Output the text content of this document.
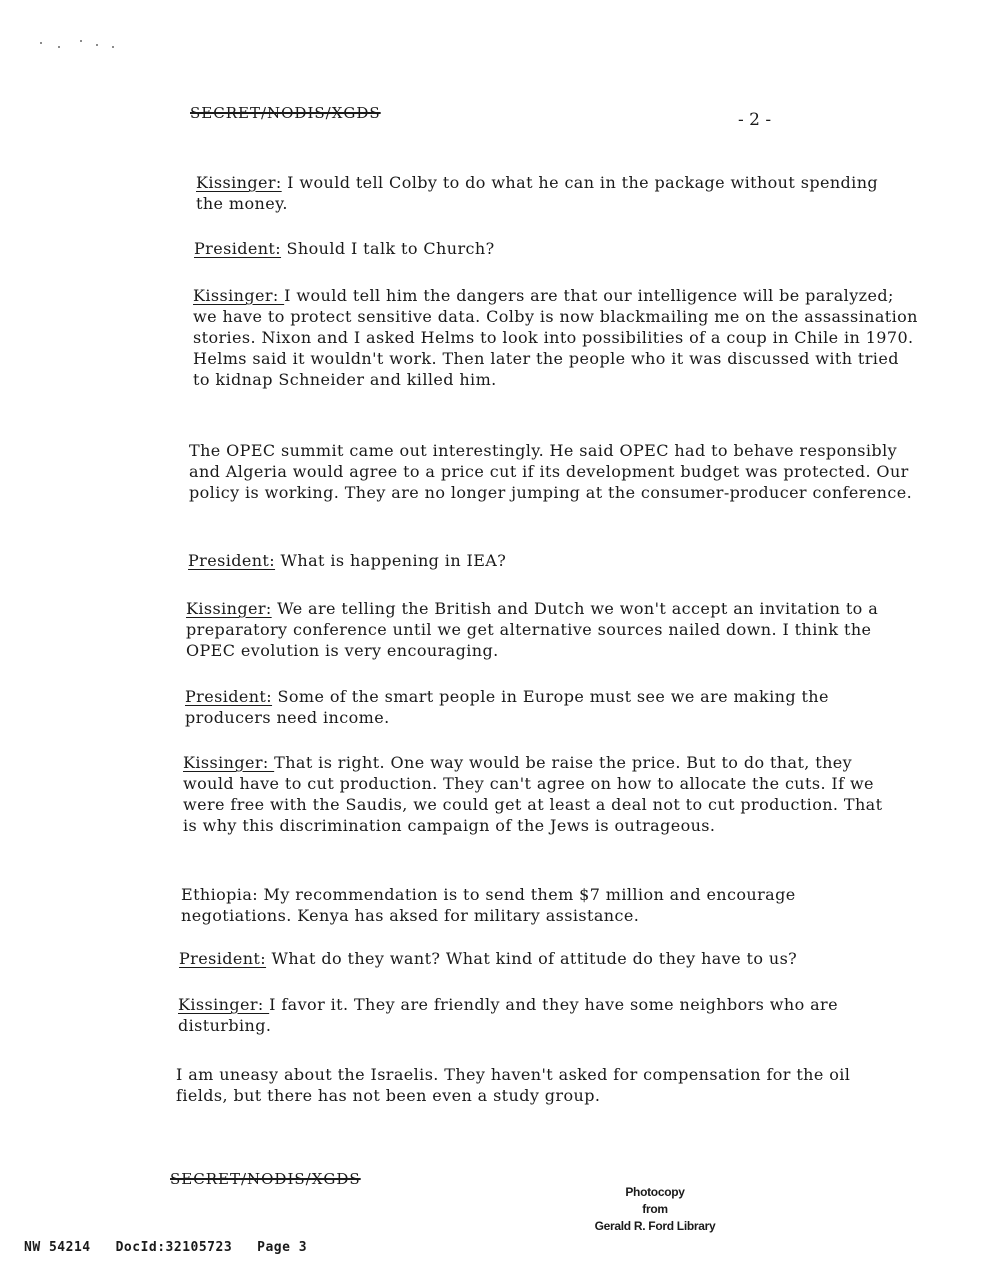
SECRET/NODIS/XGDS	- 2 -

Kissinger: I would tell Colby to do what he can in the package without spending the money.

President: Should I talk to Church?

Kissinger: I would tell him the dangers are that our intelligence will be paralyzed; we have to protect sensitive data. Colby is now blackmailing me on the assassination stories. Nixon and I asked Helms to look into possibilities of a coup in Chile in 1970. Helms said it wouldn't work. Then later the people who it was discussed with tried to kidnap Schneider and killed him.

The OPEC summit came out interestingly. He said OPEC had to behave responsibly and Algeria would agree to a price cut if its development budget was protected. Our policy is working. They are no longer jumping at the consumer-producer conference.

President: What is happening in IEA?

Kissinger: We are telling the British and Dutch we won't accept an invitation to a preparatory conference until we get alternative sources nailed down. I think the OPEC evolution is very encouraging.

President: Some of the smart people in Europe must see we are making the producers need income.

Kissinger: That is right. One way would be raise the price. But to do that, they would have to cut production. They can't agree on how to allocate the cuts. If we were free with the Saudis, we could get at least a deal not to cut production. That is why this discrimination campaign of the Jews is outrageous.

Ethiopia: My recommendation is to send them $7 million and encourage negotiations. Kenya has aksed for military assistance.

President: What do they want? What kind of attitude do they have to us?

Kissinger: I favor it. They are friendly and they have some neighbors who are disturbing.

I am uneasy about the Israelis. They haven't asked for compensation for the oil fields, but there has not been even a study group.

SECRET/NODIS/XGDS
Photocopy
from
Gerald R. Ford Library
NW 54214   DocId:32105723   Page 3
